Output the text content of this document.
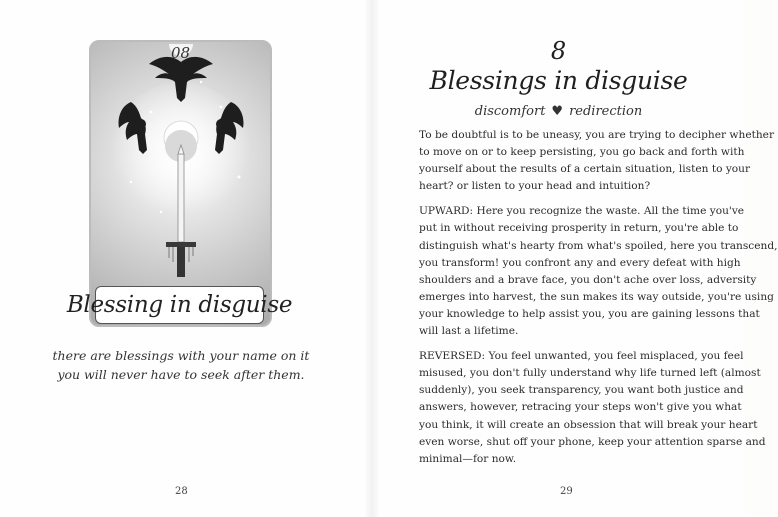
08
Blessing in disguise
there are blessings with your name on it
you will never have to seek after them.
28
8
Blessings in disguise
discomfort ♥ redirection

To be doubtful is to be uneasy, you are trying to decipher whether
to move on or to keep persisting, you go back and forth with
yourself about the results of a certain situation, listen to your
heart? or listen to your head and intuition?

UPWARD: Here you recognize the waste. All the time you've
put in without receiving prosperity in return, you're able to
distinguish what's hearty from what's spoiled, here you transcend,
you transform! you confront any and every defeat with high
shoulders and a brave face, you don't ache over loss, adversity
emerges into harvest, the sun makes its way outside, you're using
your knowledge to help assist you, you are gaining lessons that
will last a lifetime.

REVERSED: You feel unwanted, you feel misplaced, you feel
misused, you don't fully understand why life turned left (almost
suddenly), you seek transparency, you want both justice and
answers, however, retracing your steps won't give you what
you think, it will create an obsession that will break your heart
even worse, shut off your phone, keep your attention sparse and
minimal—for now.

29
